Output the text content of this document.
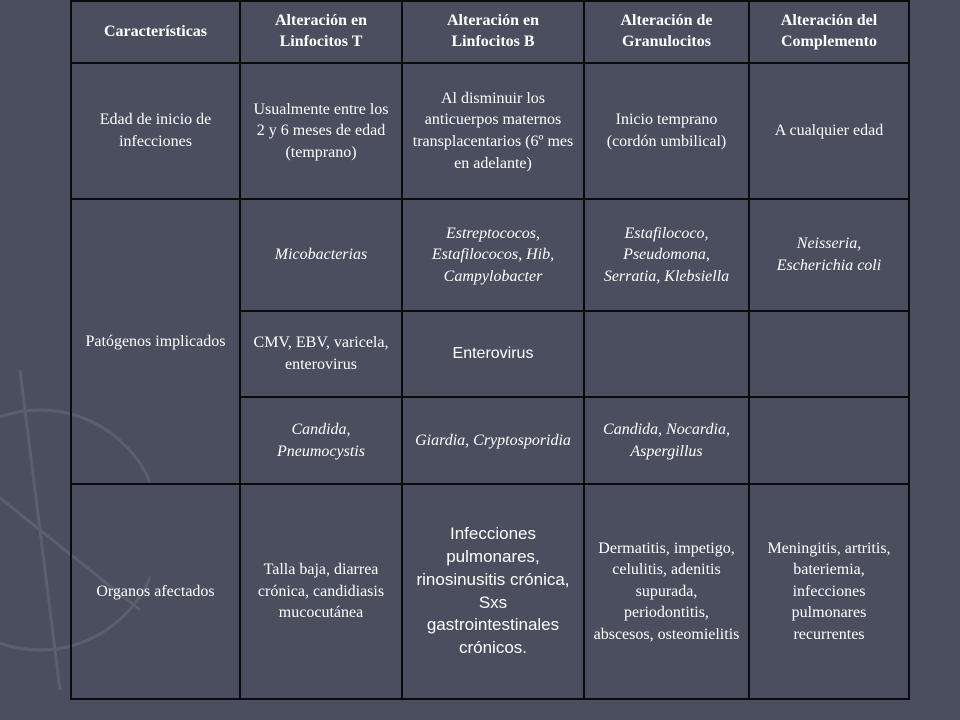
Características	Alteración en Linfocitos T	Alteración en Linfocitos B	Alteración de Granulocitos	Alteración del Complemento
Edad de inicio de infecciones	Usualmente entre los 2 y 6 meses de edad (temprano)	Al disminuir los anticuerpos maternos transplacentarios (6º mes en adelante)	Inicio temprano (cordón umbilical)	A cualquier edad
Patógenos implicados	Micobacterias	Estreptococos, Estafilococos, Hib, Campylobacter	Estafilococo, Pseudomona, Serratia, Klebsiella	Neisseria, Escherichia coli
	CMV, EBV, varicela, enterovirus	Enterovirus		
	Candida, Pneumocystis	Giardia, Cryptosporidia	Candida, Nocardia, Aspergillus	
Organos afectados	Talla baja, diarrea crónica, candidiasis mucocutánea	Infecciones pulmonares, rinosinusitis crónica, Sxs gastrointestinales crónicos.	Dermatitis, impetigo, celulitis, adenitis supurada, periodontitis, abscesos, osteomielitis	Meningitis, artritis, bateriemia, infecciones pulmonares recurrentes
